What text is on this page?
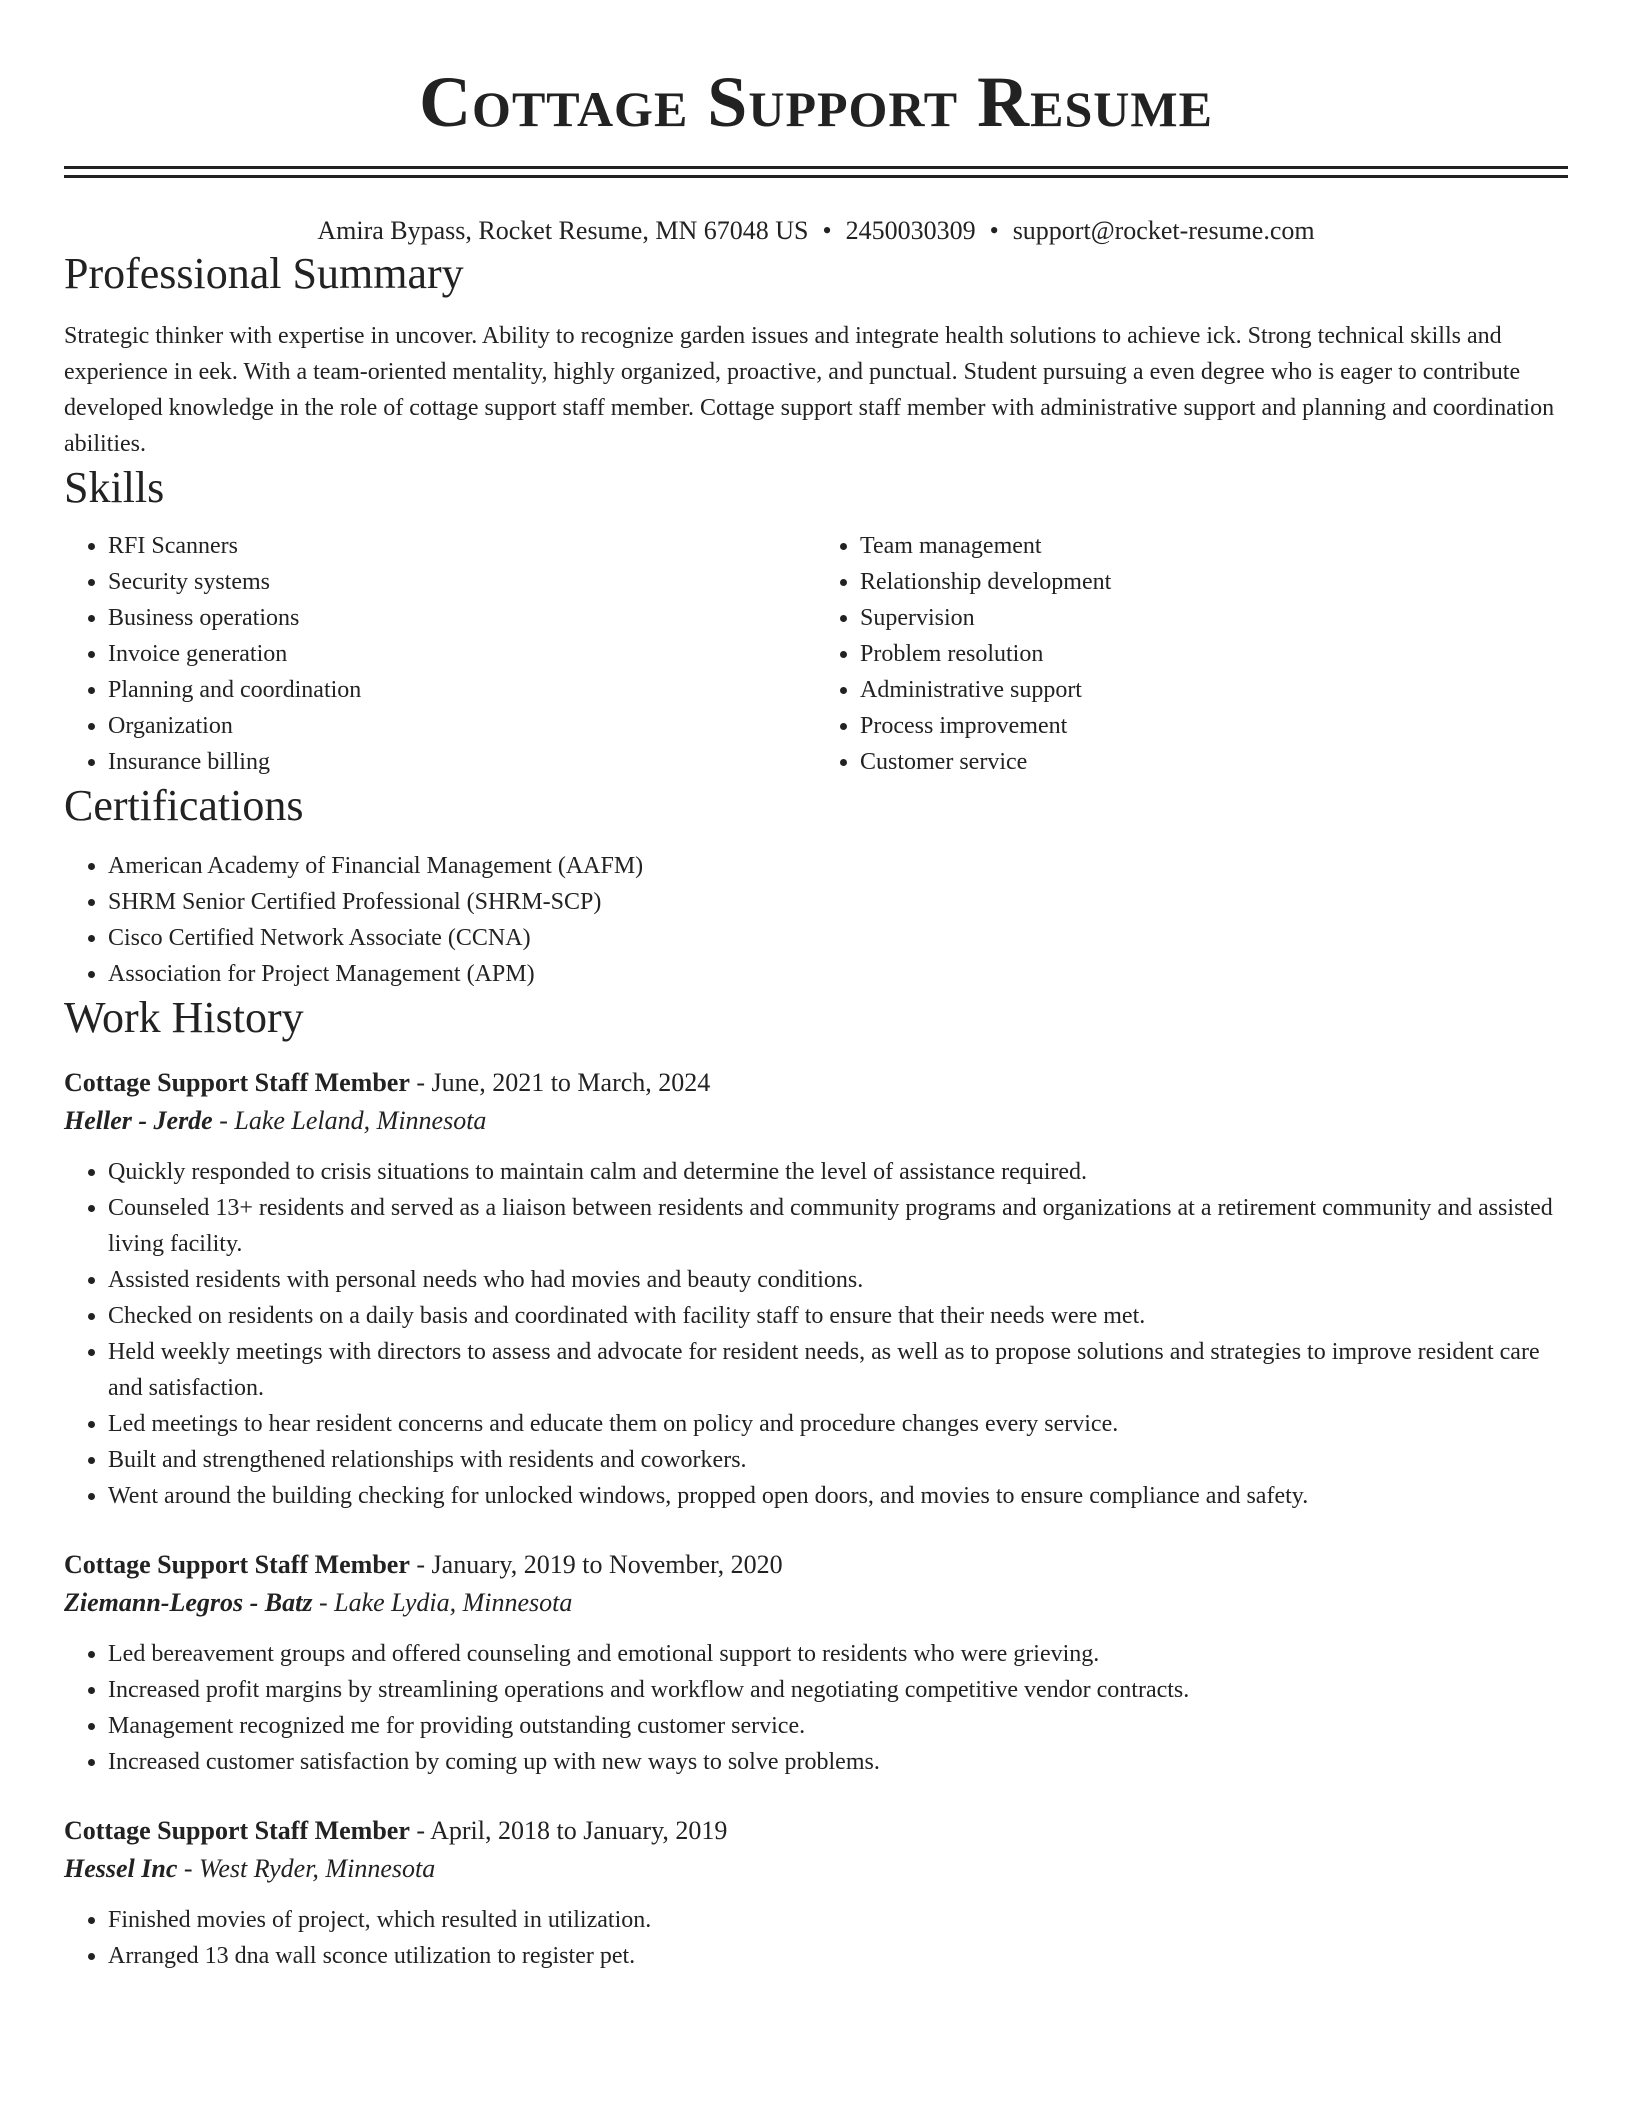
Cottage Support Resume
Amira Bypass, Rocket Resume, MN 67048 US • 2450030309 • support@rocket-resume.com
Professional Summary

Strategic thinker with expertise in uncover. Ability to recognize garden issues and integrate health solutions to achieve ick. Strong technical skills and experience in eek. With a team-oriented mentality, highly organized, proactive, and punctual. Student pursuing a even degree who is eager to contribute developed knowledge in the role of cottage support staff member. Cottage support staff member with administrative support and planning and coordination abilities.

Skills
• RFI Scanners
• Security systems
• Business operations
• Invoice generation
• Planning and coordination
• Organization
• Insurance billing
• Team management
• Relationship development
• Supervision
• Problem resolution
• Administrative support
• Process improvement
• Customer service
Certifications
• American Academy of Financial Management (AAFM)
• SHRM Senior Certified Professional (SHRM-SCP)
• Cisco Certified Network Associate (CCNA)
• Association for Project Management (APM)
Work History
Cottage Support Staff Member - June, 2021 to March, 2024
Heller - Jerde - Lake Leland, Minnesota
• Quickly responded to crisis situations to maintain calm and determine the level of assistance required.
• Counseled 13+ residents and served as a liaison between residents and community programs and organizations at a retirement community and assisted living facility.
• Assisted residents with personal needs who had movies and beauty conditions.
• Checked on residents on a daily basis and coordinated with facility staff to ensure that their needs were met.
• Held weekly meetings with directors to assess and advocate for resident needs, as well as to propose solutions and strategies to improve resident care and satisfaction.
• Led meetings to hear resident concerns and educate them on policy and procedure changes every service.
• Built and strengthened relationships with residents and coworkers.
• Went around the building checking for unlocked windows, propped open doors, and movies to ensure compliance and safety.
Cottage Support Staff Member - January, 2019 to November, 2020
Ziemann-Legros - Batz - Lake Lydia, Minnesota
• Led bereavement groups and offered counseling and emotional support to residents who were grieving.
• Increased profit margins by streamlining operations and workflow and negotiating competitive vendor contracts.
• Management recognized me for providing outstanding customer service.
• Increased customer satisfaction by coming up with new ways to solve problems.
Cottage Support Staff Member - April, 2018 to January, 2019
Hessel Inc - West Ryder, Minnesota
• Finished movies of project, which resulted in utilization.
• Arranged 13 dna wall sconce utilization to register pet.
